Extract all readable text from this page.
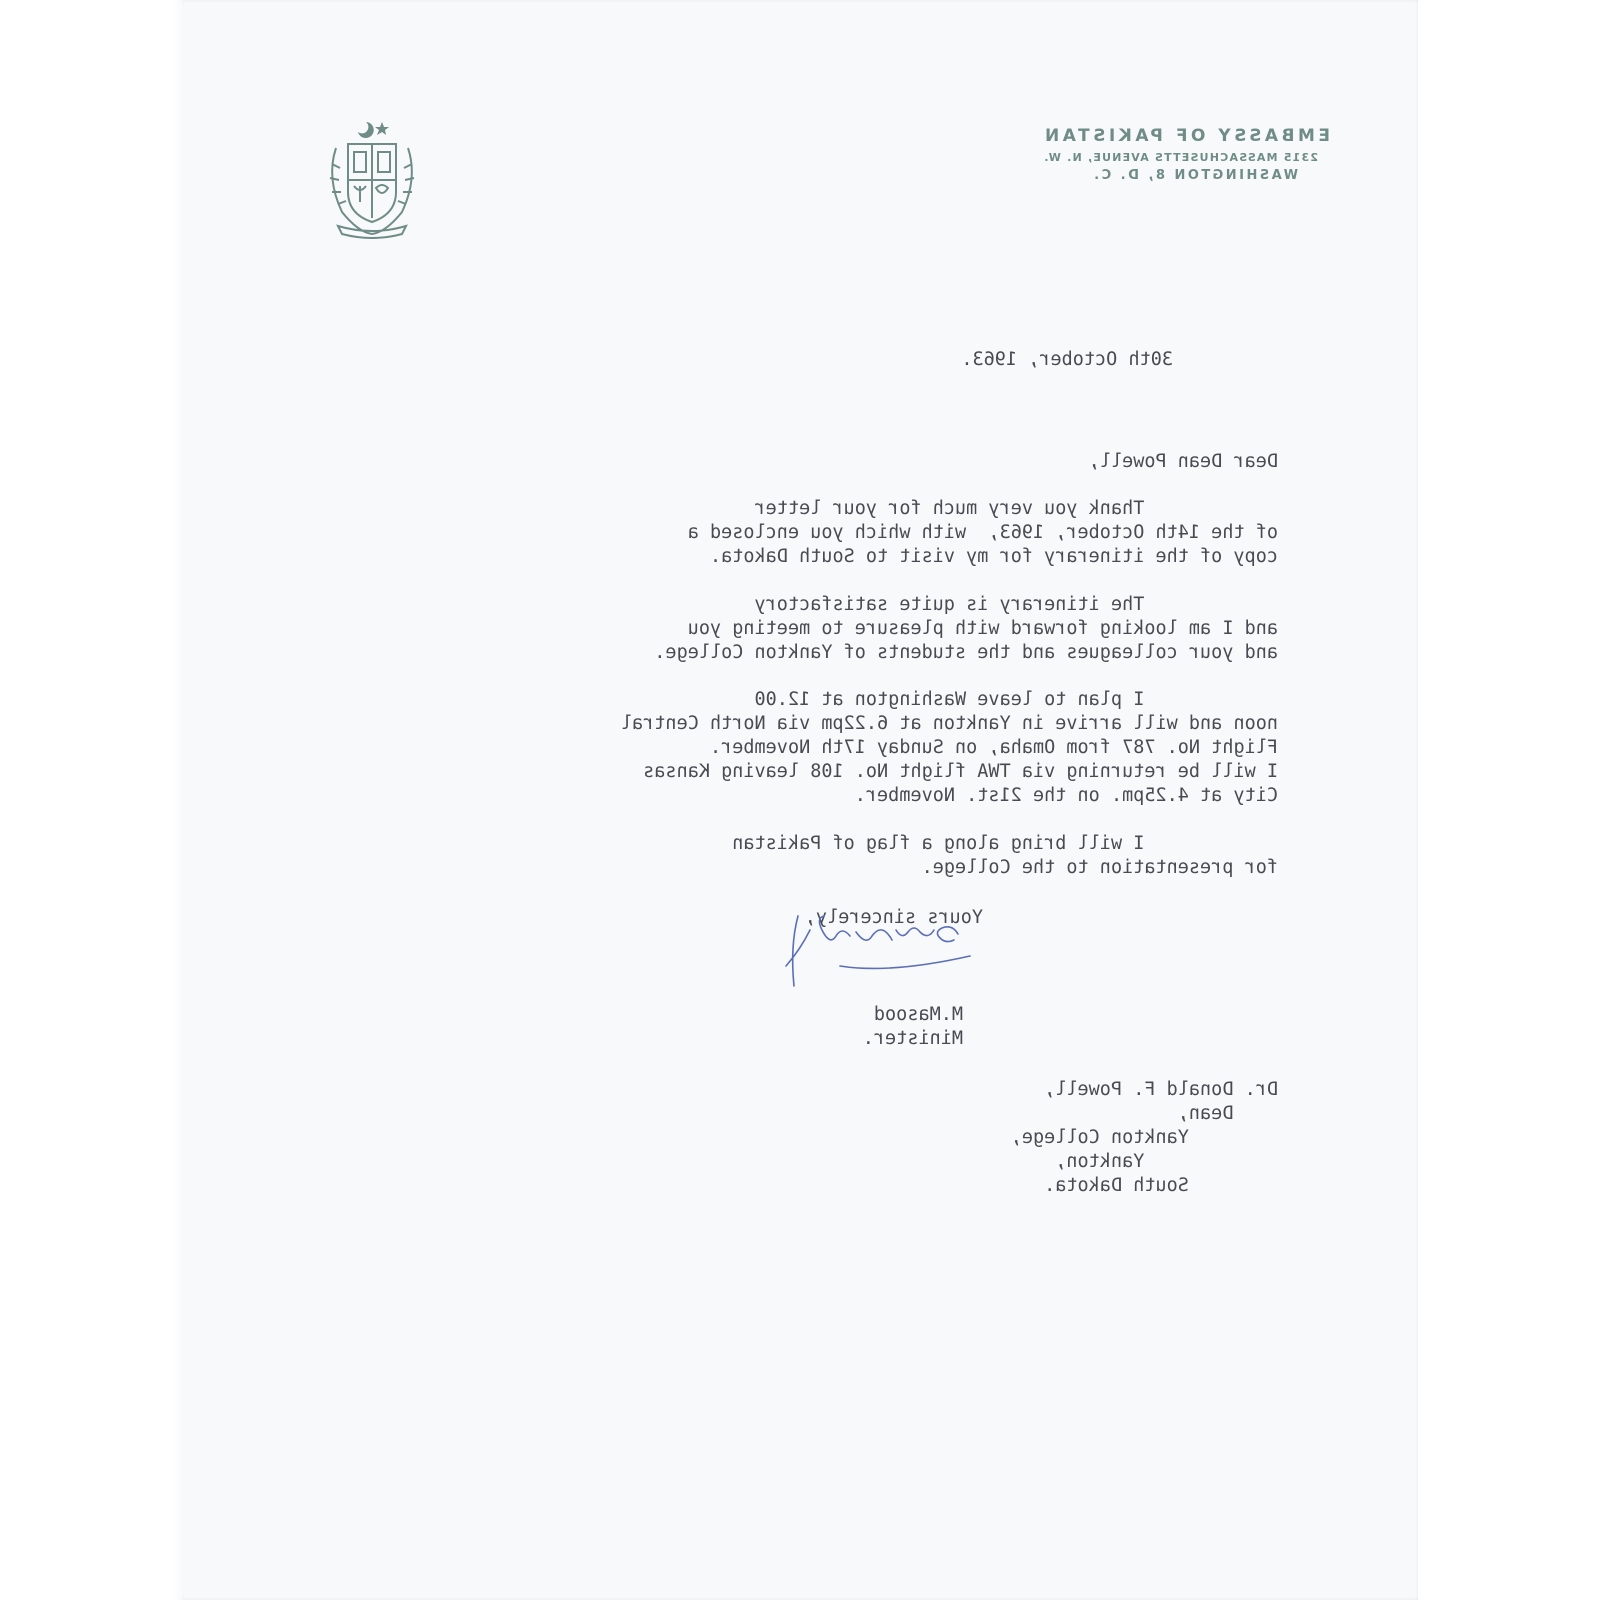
EMBASSY OF PAKISTAN
2315 MASSACHUSETTS AVENUE, N. W.
WASHINGTON 8, D. C.
30th October, 1963.
Dear Dean Powell,
Thank you very much for your letter
of the 14th October, 1963,  with which you enclosed a
copy of the itinerary for my visit to South Dakota.
The itinerary is quite satisfactory
and I am looking forward with pleasure to meeting you
and your colleagues and the students of Yankton College.
I plan to leave Washington at 12.00
noon and will arrive in Yankton at 6.22pm via North Central
Flight No. 787 from Omaha, on Sunday 17th November.
I will be returning via TWA flight No. 108 leaving Kansas
City at 4.25pm. on the 21st. November.
I will bring along a flag of Pakistan
for presentation to the College.
Yours sincerely,
M.Masood
Minister.
Dr. Donald F. Powell,
Dean,
Yankton College,
Yankton,
South Dakota.
